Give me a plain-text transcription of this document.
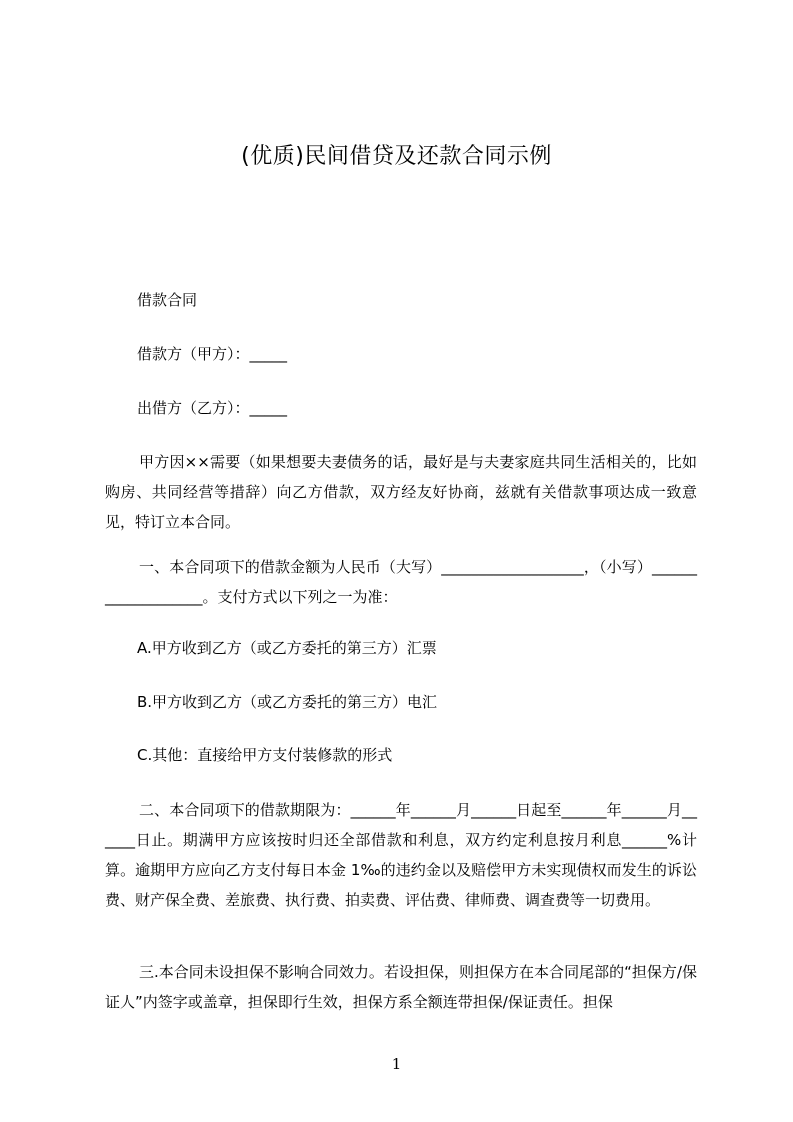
(优质)民间借贷及还款合同示例
借款合同
借款方（甲方）：_____
出借方（乙方）：_____
甲方因××需要（如果想要夫妻债务的话，最好是与夫妻家庭共同生活相关的，比如购房、共同经营等措辞）向乙方借款，双方经友好协商，兹就有关借款事项达成一致意见，特订立本合同。
一、本合同项下的借款金额为人民币（大写）___________________，（小写）___________________。支付方式以下列之一为准：
A.甲方收到乙方（或乙方委托的第三方）汇票
B.甲方收到乙方（或乙方委托的第三方）电汇
C.其他：直接给甲方支付装修款的形式
二、本合同项下的借款期限为：______年______月______日起至______年______月______日止。期满甲方应该按时归还全部借款和利息，双方约定利息按月利息______%计算。逾期甲方应向乙方支付每日本金 1‰的违约金以及赔偿甲方未实现债权而发生的诉讼费、财产保全费、差旅费、执行费、拍卖费、评估费、律师费、调查费等一切费用。
三.本合同未设担保不影响合同效力。若设担保，则担保方在本合同尾部的“担保方/保证人”内签字或盖章，担保即行生效，担保方系全额连带担保/保证责任。担保
1
